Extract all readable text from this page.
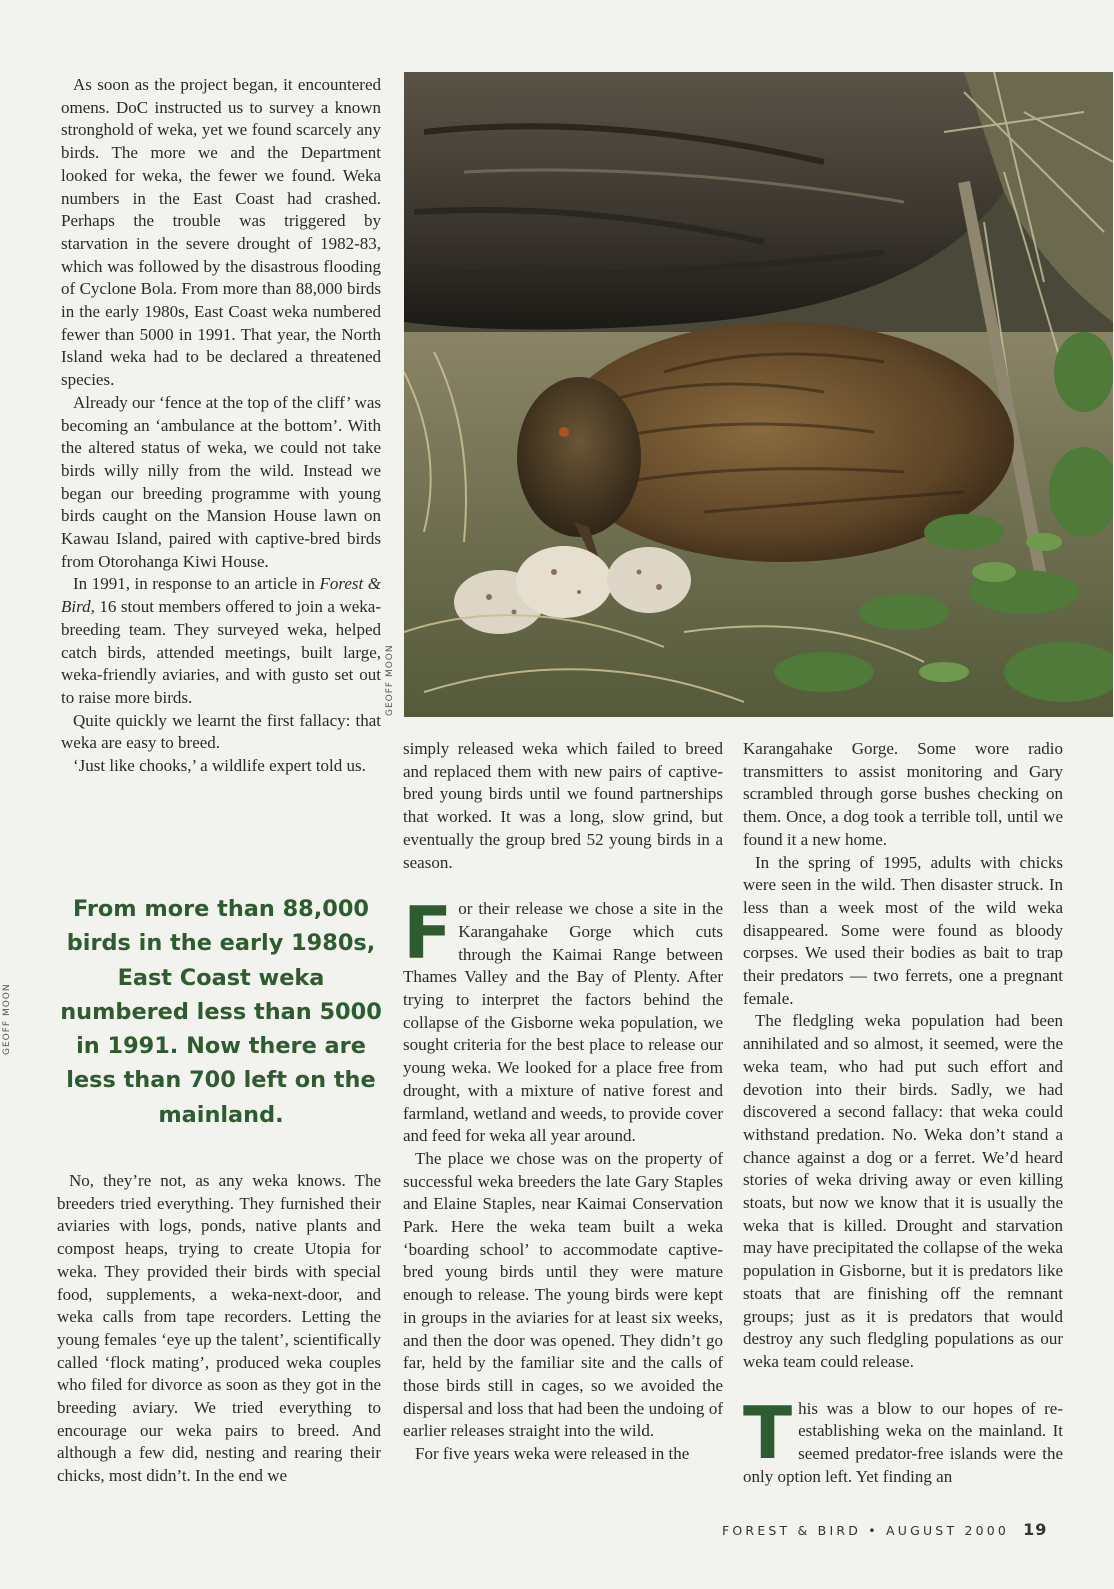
As soon as the project began, it encountered omens. DoC instructed us to survey a known stronghold of weka, yet we found scarcely any birds. The more we and the Department looked for weka, the fewer we found. Weka numbers in the East Coast had crashed. Perhaps the trouble was triggered by starvation in the severe drought of 1982-83, which was followed by the disastrous flooding of Cyclone Bola. From more than 88,000 birds in the early 1980s, East Coast weka numbered fewer than 5000 in 1991. That year, the North Island weka had to be declared a threatened species.

Already our ‘fence at the top of the cliff’ was becoming an ‘ambulance at the bottom’. With the altered status of weka, we could not take birds willy nilly from the wild. Instead we began our breeding programme with young birds caught on the Mansion House lawn on Kawau Island, paired with captive-bred birds from Otorohanga Kiwi House.

In 1991, in response to an article in Forest & Bird, 16 stout members offered to join a weka-breeding team. They surveyed weka, helped catch birds, attended meetings, built large, weka-friendly aviaries, and with gusto set out to raise more birds.

Quite quickly we learnt the first fallacy: that weka are easy to breed.

‘Just like chooks,’ a wildlife expert told us.

From more than 88,000 birds in the early 1980s, East Coast weka numbered less than 5000 in 1991. Now there are less than 700 left on the mainland.

No, they’re not, as any weka knows. The breeders tried everything. They furnished their aviaries with logs, ponds, native plants and compost heaps, trying to create Utopia for weka. They provided their birds with special food, supplements, a weka-next-door, and weka calls from tape recorders. Letting the young females ‘eye up the talent’, scientifically called ‘flock mating’, produced weka couples who filed for divorce as soon as they got in the breeding aviary. We tried everything to encourage our weka pairs to breed. And although a few did, nesting and rearing their chicks, most didn’t. In the end we

GEOFF MOON
GEOFF MOON

simply released weka which failed to breed and replaced them with new pairs of captive-bred young birds until we found partnerships that worked. It was a long, slow grind, but eventually the group bred 52 young birds in a season.

For their release we chose a site in the Karangahake Gorge which cuts through the Kaimai Range between Thames Valley and the Bay of Plenty. After trying to interpret the factors behind the collapse of the Gisborne weka population, we sought criteria for the best place to release our young weka. We looked for a place free from drought, with a mixture of native forest and farmland, wetland and weeds, to provide cover and feed for weka all year around.

The place we chose was on the property of successful weka breeders the late Gary Staples and Elaine Staples, near Kaimai Conservation Park. Here the weka team built a weka ‘boarding school’ to accommodate captive-bred young birds until they were mature enough to release. The young birds were kept in groups in the aviaries for at least six weeks, and then the door was opened. They didn’t go far, held by the familiar site and the calls of those birds still in cages, so we avoided the dispersal and loss that had been the undoing of earlier releases straight into the wild.

For five years weka were released in the

Karangahake Gorge. Some wore radio transmitters to assist monitoring and Gary scrambled through gorse bushes checking on them. Once, a dog took a terrible toll, until we found it a new home.

In the spring of 1995, adults with chicks were seen in the wild. Then disaster struck. In less than a week most of the wild weka disappeared. Some were found as bloody corpses. We used their bodies as bait to trap their predators — two ferrets, one a pregnant female.

The fledgling weka population had been annihilated and so almost, it seemed, were the weka team, who had put such effort and devotion into their birds. Sadly, we had discovered a second fallacy: that weka could withstand predation. No. Weka don’t stand a chance against a dog or a ferret. We’d heard stories of weka driving away or even killing stoats, but now we know that it is usually the weka that is killed. Drought and starvation may have precipitated the collapse of the weka population in Gisborne, but it is predators like stoats that are finishing off the remnant groups; just as it is predators that would destroy any such fledgling populations as our weka team could release.

This was a blow to our hopes of reestablishing weka on the mainland. It seemed predator-free islands were the only option left. Yet finding an

FOREST & BIRD • AUGUST 2000 19
